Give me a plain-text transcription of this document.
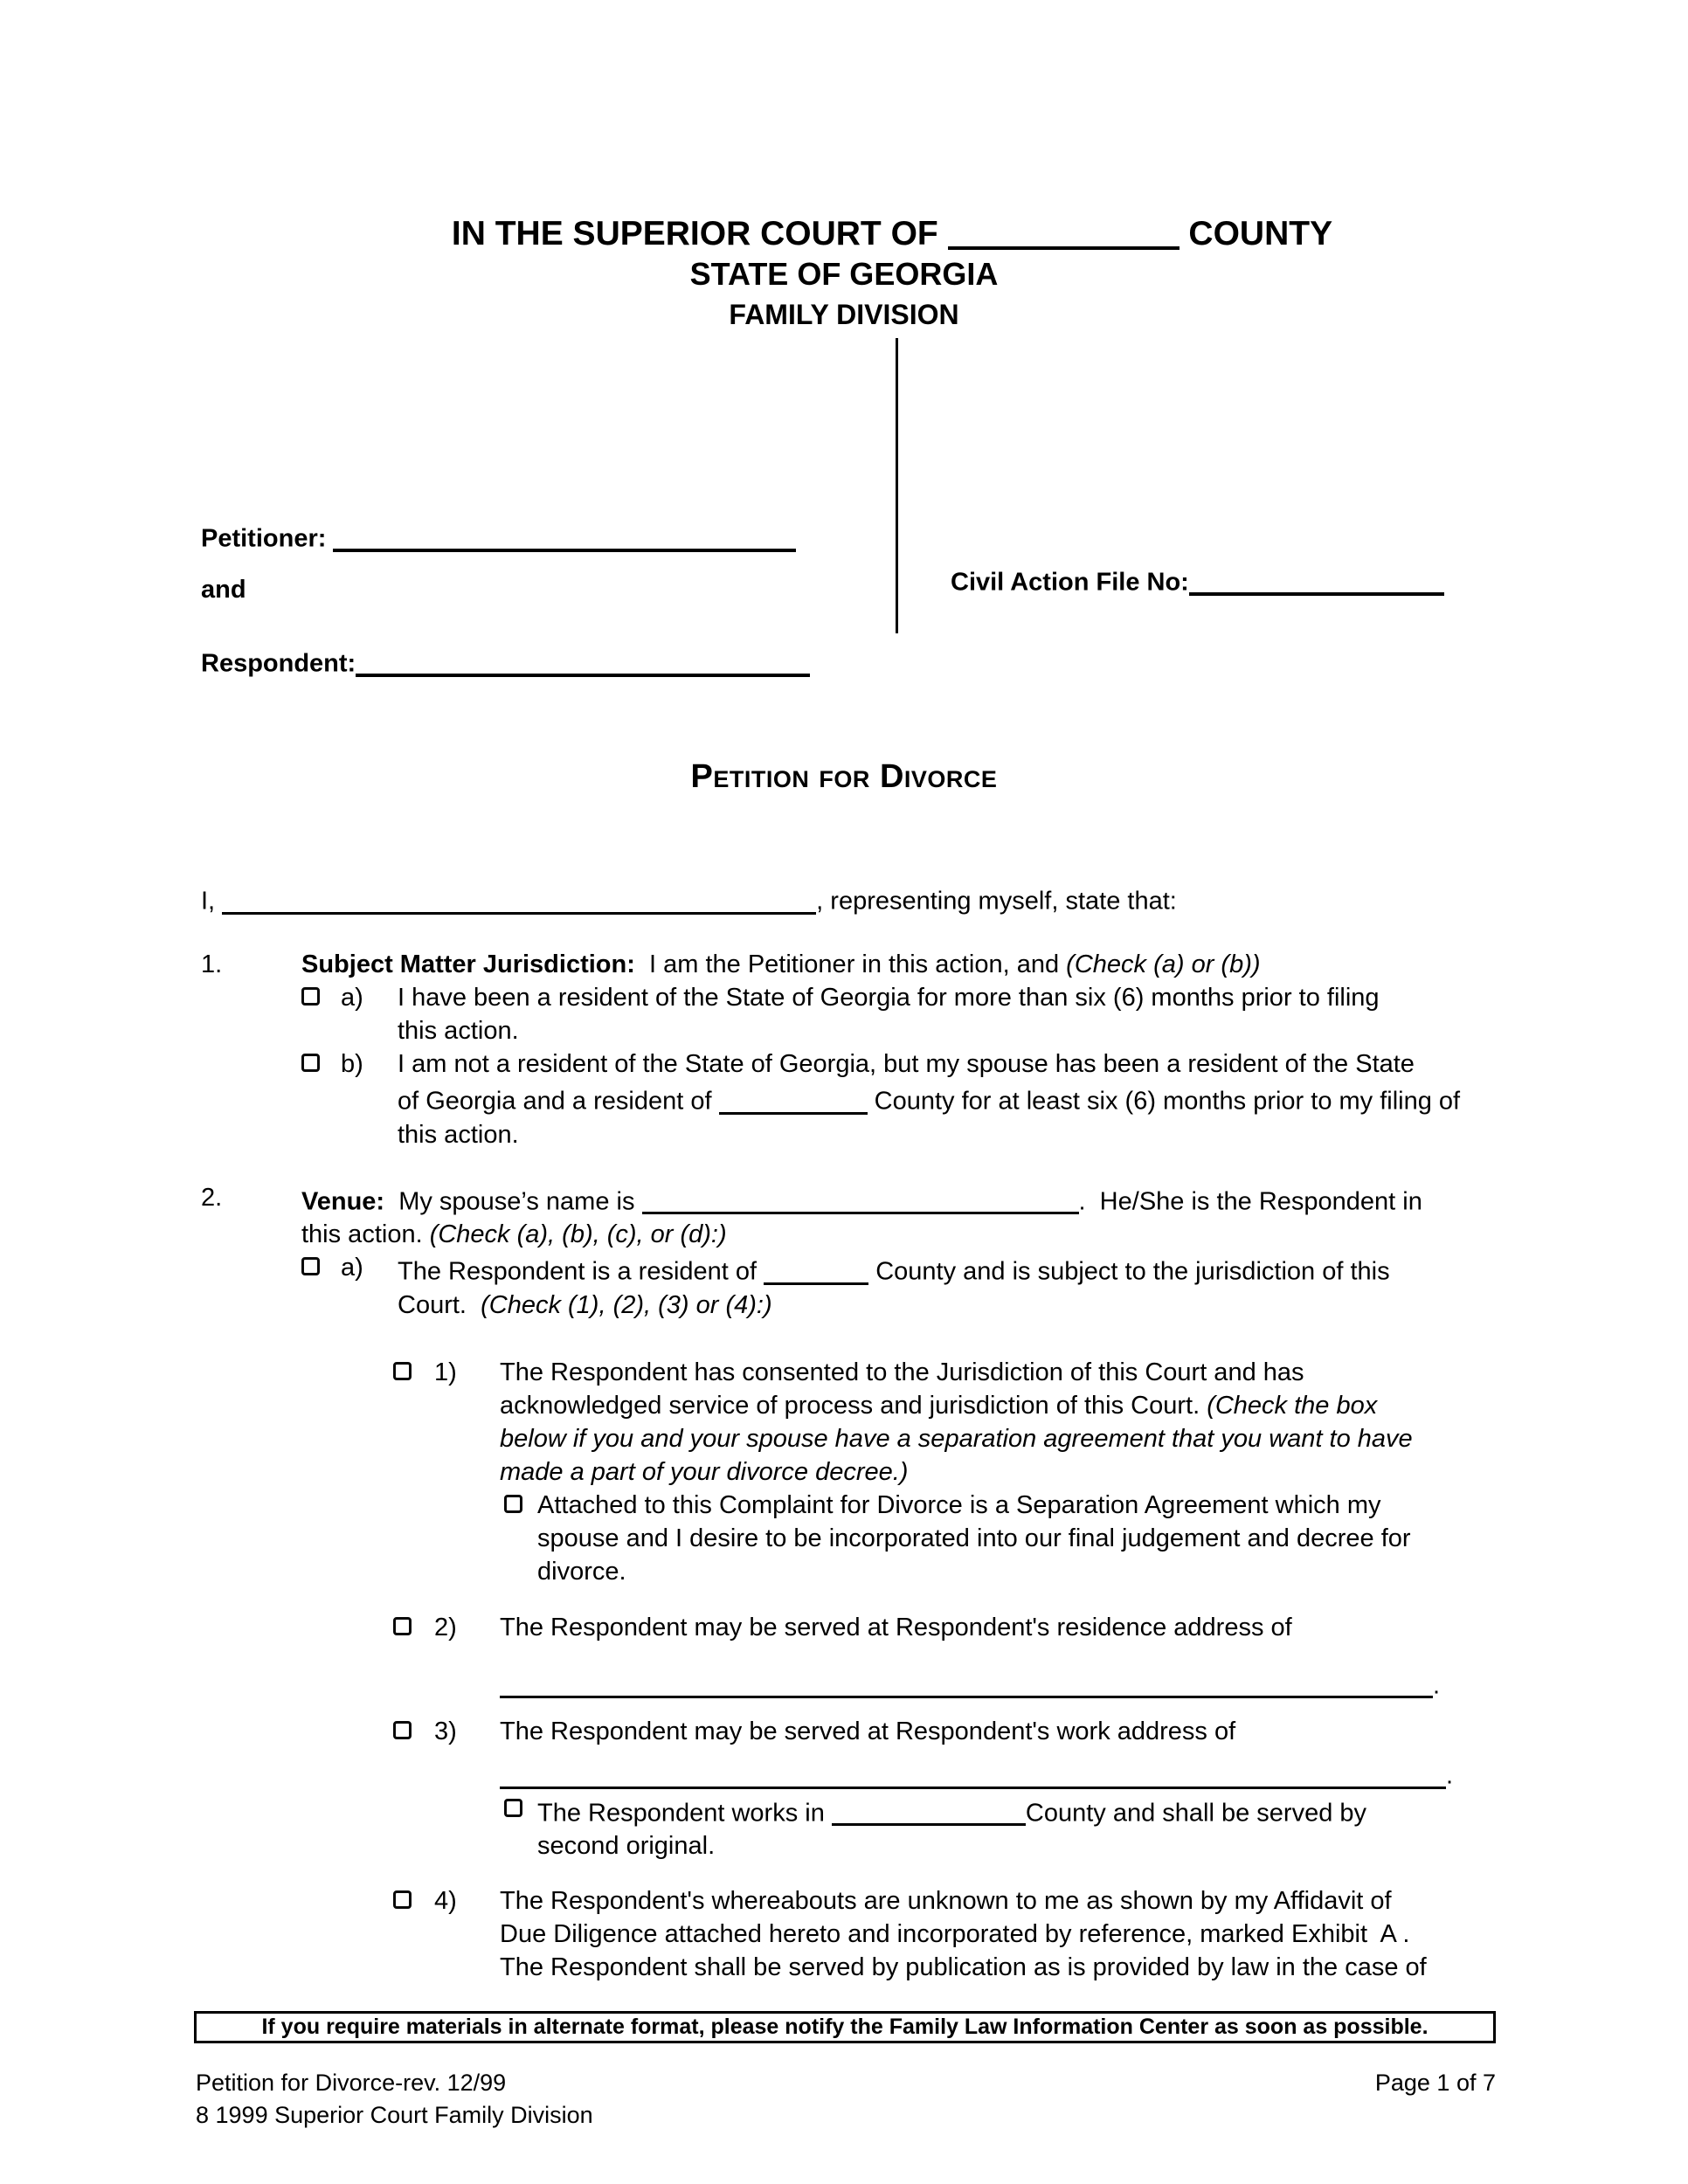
IN THE SUPERIOR COURT OF	COUNTY
STATE OF GEORGIA
FAMILY DIVISION
Petitioner:
and
Respondent:
Civil Action File No:
Petition for Divorce
I,	, representing myself, state that:
1.	Subject Matter Jurisdiction:  I am the Petitioner in this action, and (Check (a) or (b))
a)	I have been a resident of the State of Georgia for more than six (6) months prior to filing
this action.
b)	I am not a resident of the State of Georgia, but my spouse has been a resident of the State
of Georgia and a resident of	County for at least six (6) months prior to my filing of
this action.
2.	Venue:  My spouse’s name is	.  He/She is the Respondent in
this action. (Check (a), (b), (c), or (d):)
a)	The Respondent is a resident of	County and is subject to the jurisdiction of this
Court.  (Check (1), (2), (3) or (4):)
1)	The Respondent has consented to the Jurisdiction of this Court and has
acknowledged service of process and jurisdiction of this Court. (Check the box
below if you and your spouse have a separation agreement that you want to have
made a part of your divorce decree.)
Attached to this Complaint for Divorce is a Separation Agreement which my
spouse and I desire to be incorporated into our final judgement and decree for
divorce.
2)	The Respondent may be served at Respondent's residence address of
.
3)	The Respondent may be served at Respondent's work address of
.
The Respondent works in	County and shall be served by
second original.
4)	The Respondent's whereabouts are unknown to me as shown by my Affidavit of
Due Diligence attached hereto and incorporated by reference, marked Exhibit  A .
The Respondent shall be served by publication as is provided by law in the case of
If you require materials in alternate format, please notify the Family Law Information Center as soon as possible.
Petition for Divorce-rev. 12/99
8 1999 Superior Court Family Division
Page 1 of 7
